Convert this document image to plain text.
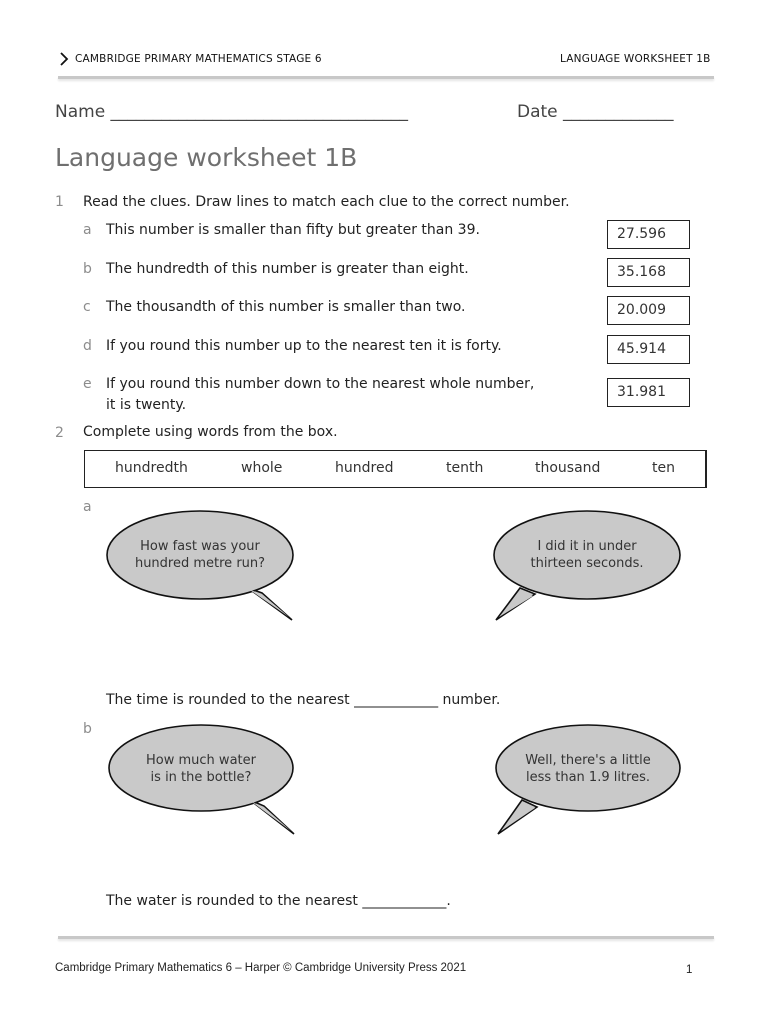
CAMBRIDGE PRIMARY MATHEMATICS STAGE 6	LANGUAGE WORKSHEET 1B
Name ___________________________________	Date _____________
Language worksheet 1B
1 Read the clues. Draw lines to match each clue to the correct number.
a This number is smaller than fifty but greater than 39.
b The hundredth of this number is greater than eight.
c The thousandth of this number is smaller than two.
d If you round this number up to the nearest ten it is forty.
e If you round this number down to the nearest whole number,
it is twenty.
27.596
35.168
20.009
45.914
31.981
2 Complete using words from the box.
hundredth	whole	hundred	tenth	thousand	ten
a
How fast was your
hundred metre run?
I did it in under
thirteen seconds.
The time is rounded to the nearest ____________ number.
b
How much water
is in the bottle?
Well, there's a little
less than 1.9 litres.
The water is rounded to the nearest ____________.
Cambridge Primary Mathematics 6 – Harper © Cambridge University Press 2021	1
